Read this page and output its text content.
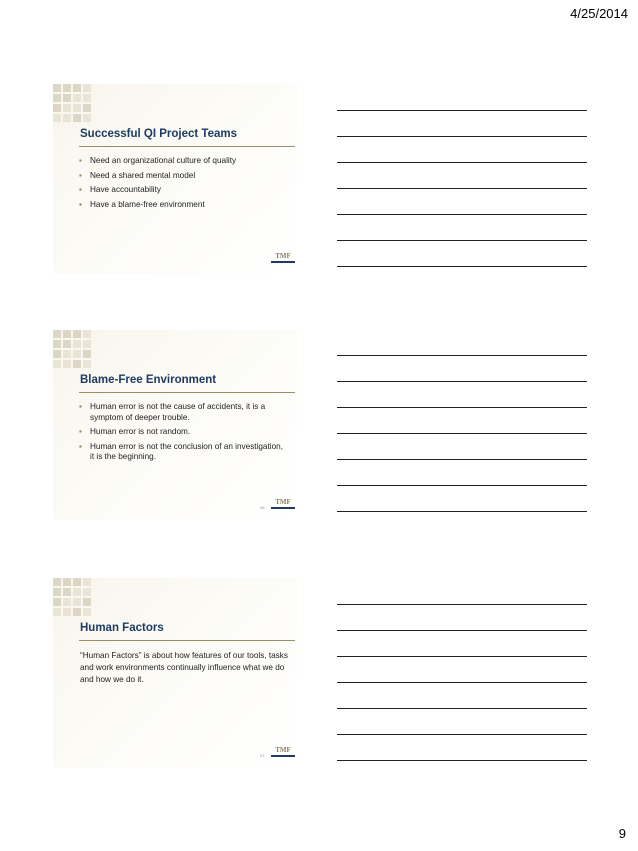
4/25/2014
Successful QI Project Teams
▪ Need an organizational culture of quality
▪ Need a shared mental model
▪ Have accountability
▪ Have a blame-free environment
TMF
Blame-Free Environment
▪ Human error is not the cause of accidents, it is a symptom of deeper trouble.
▪ Human error is not random.
▪ Human error is not the conclusion of an investigation, it is the beginning.
26
TMF
Human Factors
“Human Factors” is about how features of our tools, tasks and work environments continually influence what we do and how we do it.
27
TMF
9
